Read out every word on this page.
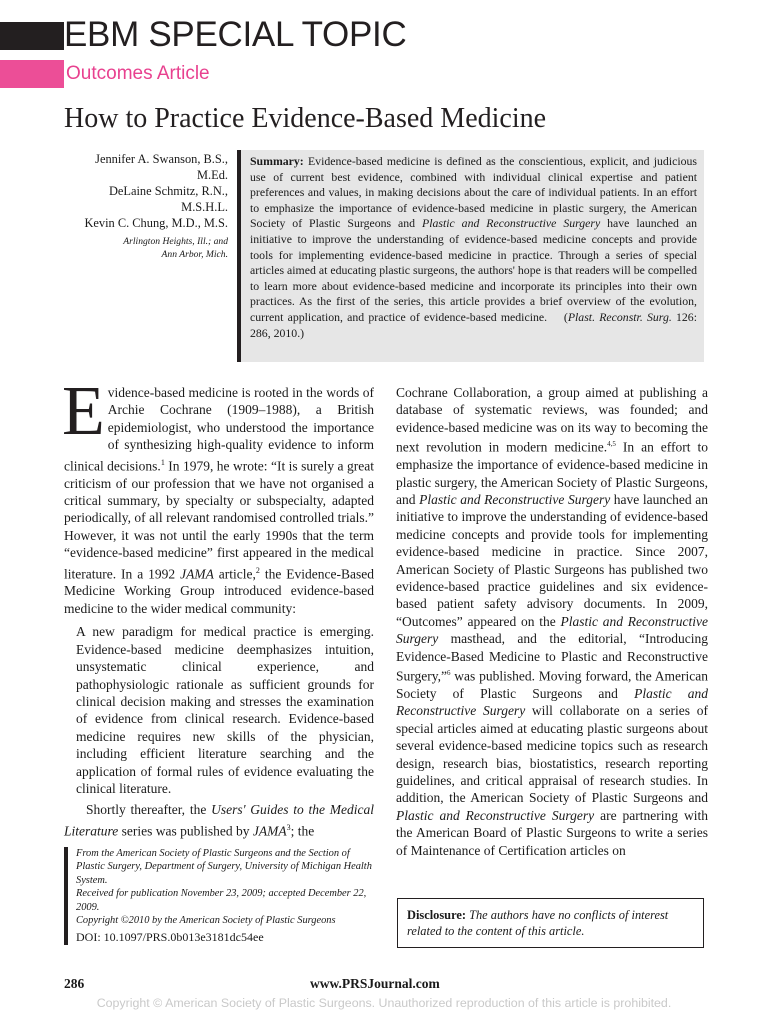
EBM SPECIAL TOPIC
Outcomes Article
How to Practice Evidence-Based Medicine
Jennifer A. Swanson, B.S.,
M.Ed.
DeLaine Schmitz, R.N.,
M.S.H.L.
Kevin C. Chung, M.D., M.S.
Arlington Heights, Ill.; and
Ann Arbor, Mich.
Summary: Evidence-based medicine is defined as the conscientious, explicit, and judicious use of current best evidence, combined with individual clinical expertise and patient preferences and values, in making decisions about the care of individual patients. In an effort to emphasize the importance of evidence-based medicine in plastic surgery, the American Society of Plastic Surgeons and Plastic and Reconstructive Surgery have launched an initiative to improve the understanding of evidence-based medicine concepts and provide tools for implementing evidence-based medicine in practice. Through a series of special articles aimed at educating plastic surgeons, the authors' hope is that readers will be compelled to learn more about evidence-based medicine and incorporate its principles into their own practices. As the first of the series, this article provides a brief overview of the evolution, current application, and practice of evidence-based medicine. (Plast. Reconstr. Surg. 126: 286, 2010.)

Evidence-based medicine is rooted in the words of Archie Cochrane (1909–1988), a British epidemiologist, who understood the importance of synthesizing high-quality evidence to inform clinical decisions.$^1$ In 1979, he wrote: “It is surely a great criticism of our profession that we have not organised a critical summary, by specialty or subspecialty, adapted periodically, of all relevant randomised controlled trials.” However, it was not until the early 1990s that the term “evidence-based medicine” first appeared in the medical literature. In a 1992 JAMA article,$^2$ the Evidence-Based Medicine Working Group introduced evidence-based medicine to the wider medical community:

A new paradigm for medical practice is emerging. Evidence-based medicine deemphasizes intuition, unsystematic clinical experience, and pathophysiologic rationale as sufficient grounds for clinical decision making and stresses the examination of evidence from clinical research. Evidence-based medicine requires new skills of the physician, including efficient literature searching and the application of formal rules of evidence evaluating the clinical literature.

Shortly thereafter, the Users' Guides to the Medical Literature series was published by JAMA$^3$; the

Cochrane Collaboration, a group aimed at publishing a database of systematic reviews, was founded; and evidence-based medicine was on its way to becoming the next revolution in modern medicine.$^{4,5}$ In an effort to emphasize the importance of evidence-based medicine in plastic surgery, the American Society of Plastic Surgeons, and Plastic and Reconstructive Surgery have launched an initiative to improve the understanding of evidence-based medicine concepts and provide tools for implementing evidence-based medicine in practice. Since 2007, American Society of Plastic Surgeons has published two evidence-based practice guidelines and six evidence-based patient safety advisory documents. In 2009, “Outcomes” appeared on the Plastic and Reconstructive Surgery masthead, and the editorial, “Introducing Evidence-Based Medicine to Plastic and Reconstructive Surgery,”$^6$ was published. Moving forward, the American Society of Plastic Surgeons and Plastic and Reconstructive Surgery will collaborate on a series of special articles aimed at educating plastic surgeons about several evidence-based medicine topics such as research design, research bias, biostatistics, research reporting guidelines, and critical appraisal of research studies. In addition, the American Society of Plastic Surgeons and Plastic and Reconstructive Surgery are partnering with the American Board of Plastic Surgeons to write a series of Maintenance of Certification articles on

From the American Society of Plastic Surgeons and the Section of Plastic Surgery, Department of Surgery, University of Michigan Health System.
Received for publication November 23, 2009; accepted December 22, 2009.
Copyright ©2010 by the American Society of Plastic Surgeons
DOI: 10.1097/PRS.0b013e3181dc54ee
Disclosure: The authors have no conflicts of interest related to the content of this article.
286	www.PRSJournal.com
Copyright © American Society of Plastic Surgeons. Unauthorized reproduction of this article is prohibited.
